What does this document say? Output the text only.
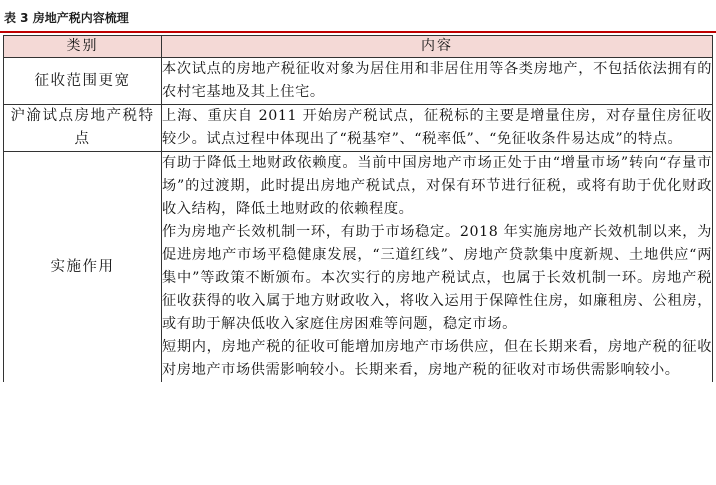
表 3 房地产税内容梳理
类别	内容
征收范围更宽	本次试点的房地产税征收对象为居住用和非居住用等各类房地产，不包括依法拥有的农村宅基地及其上住宅。

沪渝试点房地产税特点	上海、重庆自 2011 开始房产税试点，征税标的主要是增量住房，对存量住房征收较少。试点过程中体现出了“税基窄”、“税率低”、“免征收条件易达成”的特点。

实施作用	有助于降低土地财政依赖度。当前中国房地产市场正处于由“增量市场”转向“存量市场”的过渡期，此时提出房地产税试点，对保有环节进行征税，或将有助于优化财政收入结构，降低土地财政的依赖程度。

作为房地产长效机制一环，有助于市场稳定。2018 年实施房地产长效机制以来，为促进房地产市场平稳健康发展，“三道红线”、房地产贷款集中度新规、土地供应“两集中”等政策不断颁布。本次实行的房地产税试点，也属于长效机制一环。房地产税征收获得的收入属于地方财政收入，将收入运用于保障性住房，如廉租房、公租房，或有助于解决低收入家庭住房困难等问题，稳定市场。

短期内，房地产税的征收可能增加房地产市场供应，但在长期来看，房地产税的征收对房地产市场供需影响较小。长期来看，房地产税的征收对市场供需影响较小。
